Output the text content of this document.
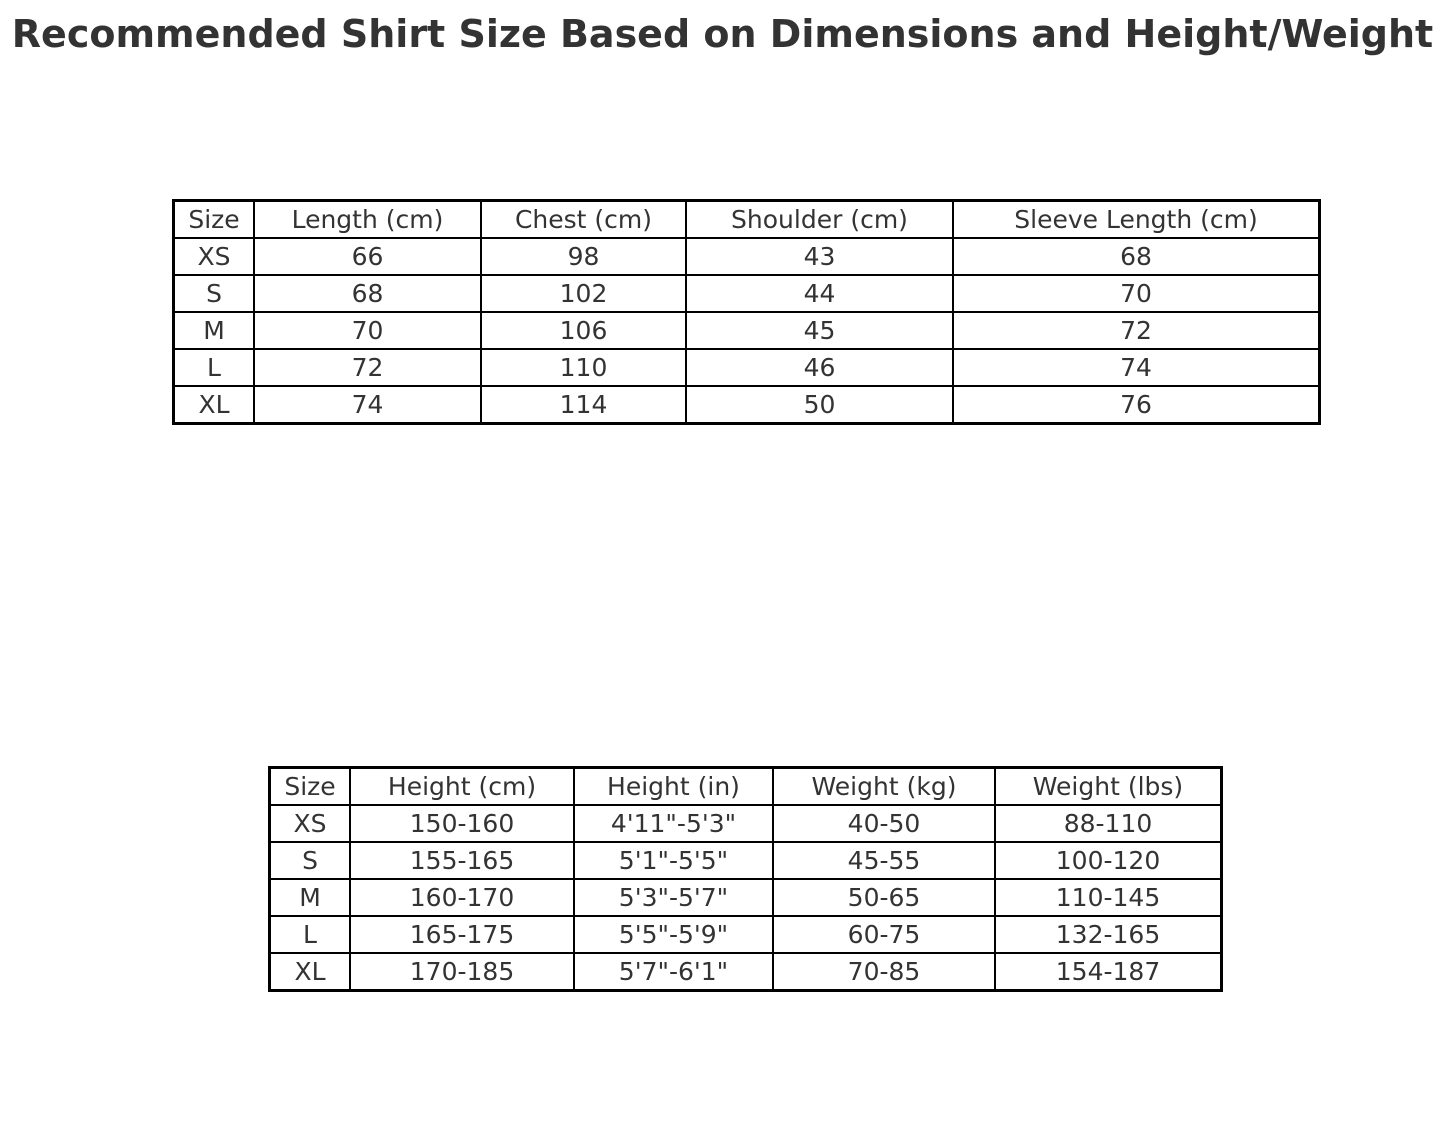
Recommended Shirt Size Based on Dimensions and Height/Weight
Size	Length (cm)	Chest (cm)	Shoulder (cm)	Sleeve Length (cm)
XS	66	98	43	68
S	68	102	44	70
M	70	106	45	72
L	72	110	46	74
XL	74	114	50	76
Size	Height (cm)	Height (in)	Weight (kg)	Weight (lbs)
XS	150-160	4'11"-5'3"	40-50	88-110
S	155-165	5'1"-5'5"	45-55	100-120
M	160-170	5'3"-5'7"	50-65	110-145
L	165-175	5'5"-5'9"	60-75	132-165
XL	170-185	5'7"-6'1"	70-85	154-187
